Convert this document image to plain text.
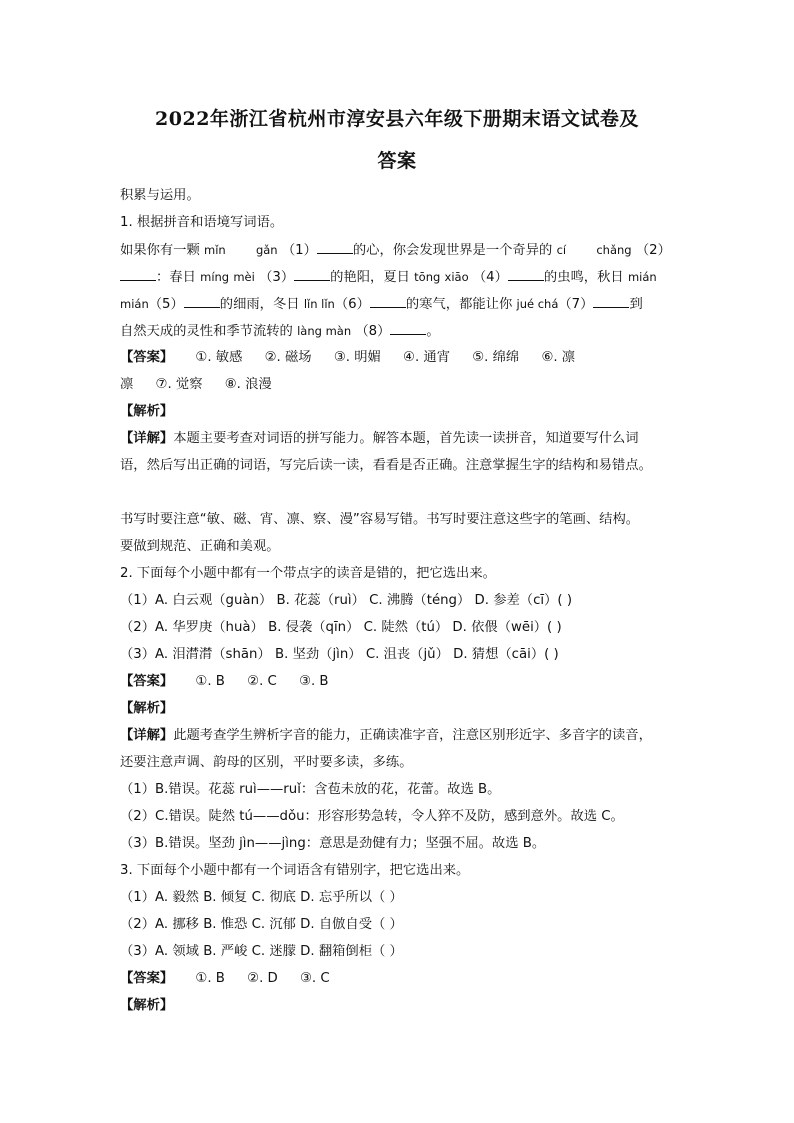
2022年浙江省杭州市淳安县六年级下册期末语文试卷及
答案
积累与运用。
1. 根据拼音和语境写词语。
如果你有一颗 mǐn	gǎn （1）	的心，你会发现世界是一个奇异的 cí	chǎng （2）
：春日 míng mèi （3）	的艳阳，夏日 tōng xiāo （4）	的虫鸣，秋日 mián
mián（5）	的细雨，冬日 lǐn lǐn（6）	的寒气，都能让你 jué chá（7）	到
自然天成的灵性和季节流转的 làng màn （8）	。
【答案】 ①. 敏感 ②. 磁场 ③. 明媚 ④. 通宵 ⑤. 绵绵 ⑥. 凛
凛 ⑦. 觉察 ⑧. 浪漫
【解析】
【详解】本题主要考查对词语的拼写能力。解答本题，首先读一读拼音，知道要写什么词
语，然后写出正确的词语，写完后读一读，看看是否正确。注意掌握生字的结构和易错点。
书写时要注意“敏、磁、宵、凛、察、漫”容易写错。书写时要注意这些字的笔画、结构。
要做到规范、正确和美观。
2. 下面每个小题中都有一个带点字的读音是错的，把它选出来。
（1）A. 白云观（guàn） B. 花蕊（ruì） C. 沸腾（téng） D. 参差（cī）( )
（2）A. 华罗庚（huà） B. 侵袭（qīn） C. 陡然（tú） D. 依偎（wēi）( )
（3）A. 泪潸潸（shān） B. 坚劲（jìn） C. 沮丧（jǔ） D. 猜想（cāi）( )
【答案】 ①. B ②. C ③. B
【解析】
【详解】此题考查学生辨析字音的能力，正确读准字音，注意区别形近字、多音字的读音，
还要注意声调、韵母的区别，平时要多读，多练。
（1）B.错误。花蕊 ruì——ruǐ：含苞未放的花，花蕾。故选 B。
（2）C.错误。陡然 tú——dǒu：形容形势急转，令人猝不及防，感到意外。故选 C。
（3）B.错误。坚劲 jìn——jìng：意思是劲健有力；坚强不屈。故选 B。
3. 下面每个小题中都有一个词语含有错别字，把它选出来。
（1）A. 毅然 B. 倾复 C. 彻底 D. 忘乎所以（ ）
（2）A. 挪移 B. 惟恐 C. 沉郁 D. 自倣自受（ ）
（3）A. 领域 B. 严峻 C. 迷朦 D. 翻箱倒柜（ ）
【答案】 ①. B ②. D ③. C
【解析】
